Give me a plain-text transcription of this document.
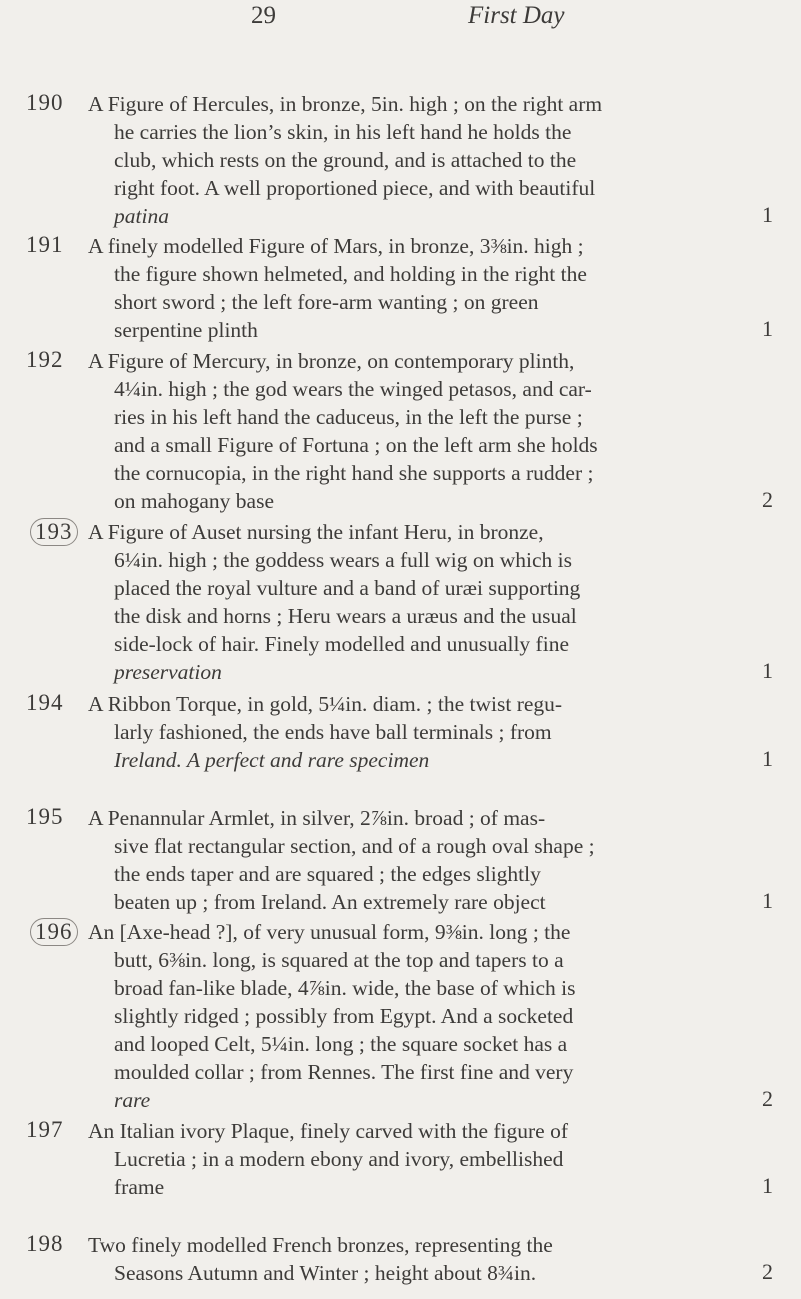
29	First Day
190 A Figure of Hercules, in bronze, 5in. high ; on the right arm
he carries the lion’s skin, in his left hand he holds the
club, which rests on the ground, and is attached to the
right foot. A well proportioned piece, and with beautiful
patina	1
191 A finely modelled Figure of Mars, in bronze, 3⅜in. high ;
the figure shown helmeted, and holding in the right the
short sword ; the left fore-arm wanting ; on green
serpentine plinth	1
192 A Figure of Mercury, in bronze, on contemporary plinth,
4¼in. high ; the god wears the winged petasos, and car-
ries in his left hand the caduceus, in the left the purse ;
and a small Figure of Fortuna ; on the left arm she holds
the cornucopia, in the right hand she supports a rudder ;
on mahogany base	2
193 A Figure of Auset nursing the infant Heru, in bronze,
6¼in. high ; the goddess wears a full wig on which is
placed the royal vulture and a band of uræi supporting
the disk and horns ; Heru wears a uræus and the usual
side-lock of hair. Finely modelled and unusually fine
preservation	1
194 A Ribbon Torque, in gold, 5¼in. diam. ; the twist regu-
larly fashioned, the ends have ball terminals ; from
Ireland. A perfect and rare specimen	1
195 A Penannular Armlet, in silver, 2⅞in. broad ; of mas-
sive flat rectangular section, and of a rough oval shape ;
the ends taper and are squared ; the edges slightly
beaten up ; from Ireland. An extremely rare object	1
196 An [Axe-head ?], of very unusual form, 9⅜in. long ; the
butt, 6⅜in. long, is squared at the top and tapers to a
broad fan-like blade, 4⅞in. wide, the base of which is
slightly ridged ; possibly from Egypt. And a socketed
and looped Celt, 5¼in. long ; the square socket has a
moulded collar ; from Rennes. The first fine and very
rare	2
197 An Italian ivory Plaque, finely carved with the figure of
Lucretia ; in a modern ebony and ivory, embellished
frame	1
198 Two finely modelled French bronzes, representing the
Seasons Autumn and Winter ; height about 8¾in.	2
